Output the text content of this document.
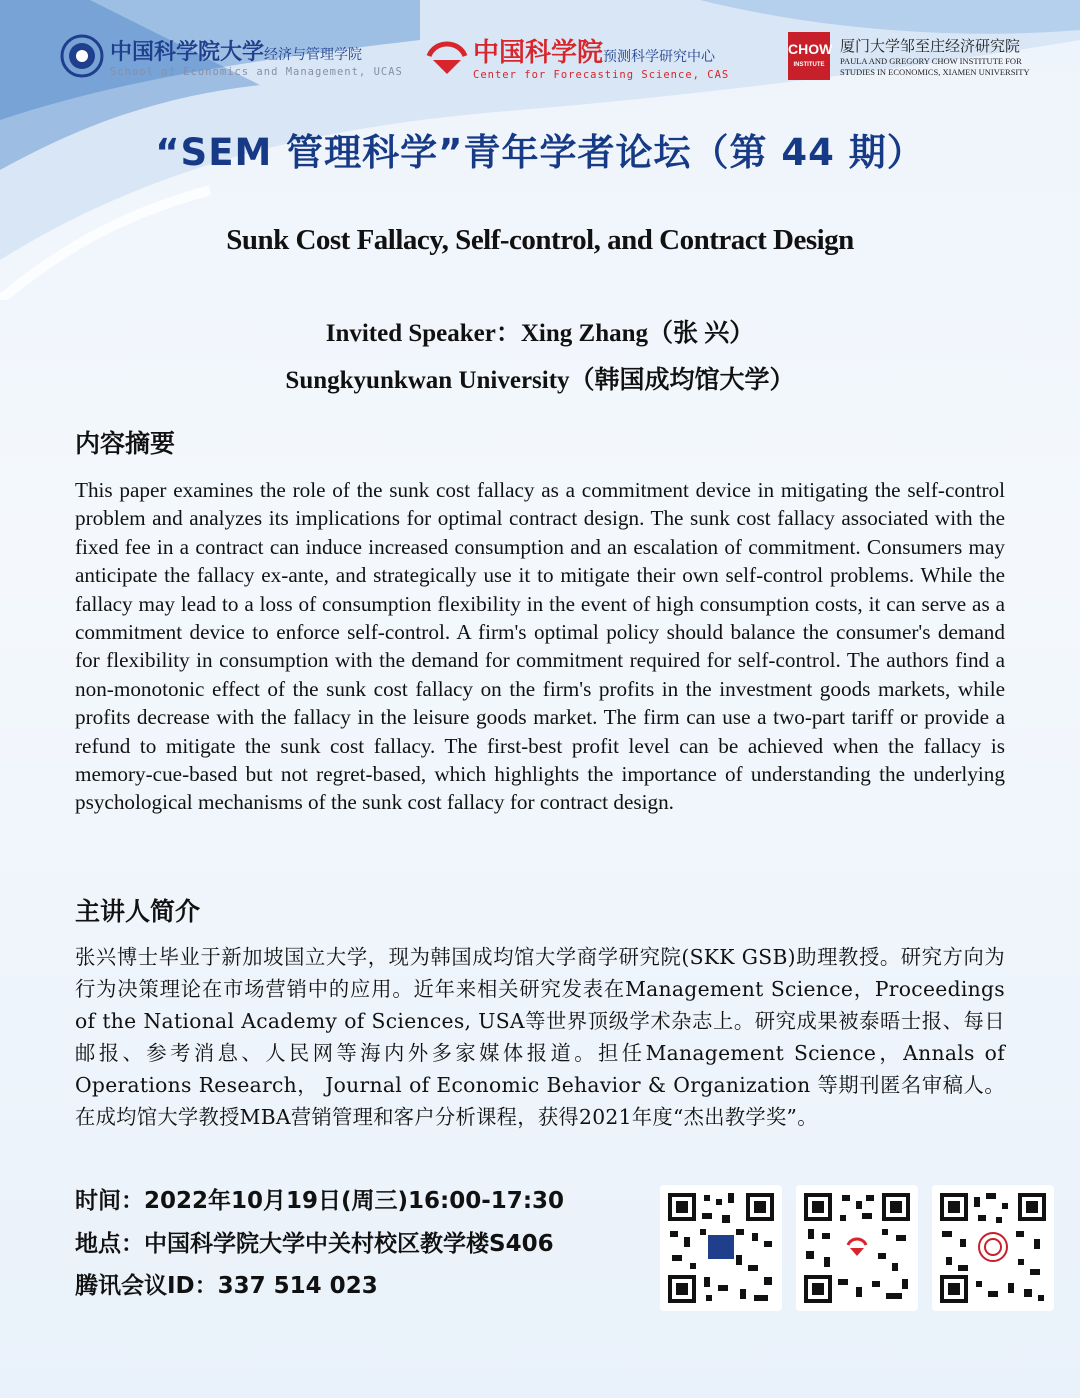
中国科学院大学经济与管理学院
School of Economics and Management, UCAS
中国科学院预测科学研究中心
Center for Forecasting Science, CAS
CHOW
INSTITUTE
厦门大学邹至庄经济研究院
PAULA AND GREGORY CHOW INSTITUTE FOR
STUDIES IN ECONOMICS, XIAMEN UNIVERSITY
“SEM 管理科学”青年学者论坛（第 44 期）
Sunk Cost Fallacy, Self-control, and Contract Design
Invited Speaker：Xing Zhang（张 兴）
Sungkyunkwan University（韩国成均馆大学）
内容摘要

This paper examines the role of the sunk cost fallacy as a commitment device in mitigating the self-control problem and analyzes its implications for optimal contract design. The sunk cost fallacy associated with the fixed fee in a contract can induce increased consumption and an escalation of commitment. Consumers may anticipate the fallacy ex-ante, and strategically use it to mitigate their own self-control problems. While the fallacy may lead to a loss of consumption flexibility in the event of high consumption costs, it can serve as a commitment device to enforce self-control. A firm's optimal policy should balance the consumer's demand for flexibility in consumption with the demand for commitment required for self-control. The authors find a non-monotonic effect of the sunk cost fallacy on the firm's profits in the investment goods markets, while profits decrease with the fallacy in the leisure goods market. The firm can use a two-part tariff or provide a refund to mitigate the sunk cost fallacy. The first-best profit level can be achieved when the fallacy is memory-cue-based but not regret-based, which highlights the importance of understanding the underlying psychological mechanisms of the sunk cost fallacy for contract design.

主讲人简介

张兴博士毕业于新加坡国立大学，现为韩国成均馆大学商学研究院(SKK GSB)助理教授。研究方向为行为决策理论在市场营销中的应用。近年来相关研究发表在Management Science，Proceedings of the National Academy of Sciences, USA等世界顶级学术杂志上。研究成果被泰晤士报、每日邮报、参考消息、人民网等海内外多家媒体报道。担任Management Science，Annals of Operations Research， Journal of Economic Behavior & Organization 等期刊匿名审稿人。在成均馆大学教授MBA营销管理和客户分析课程，获得2021年度“杰出教学奖”。

时间：2022年10月19日(周三)16:00-17:30
地点：中国科学院大学中关村校区教学楼S406
腾讯会议ID：337 514 023
